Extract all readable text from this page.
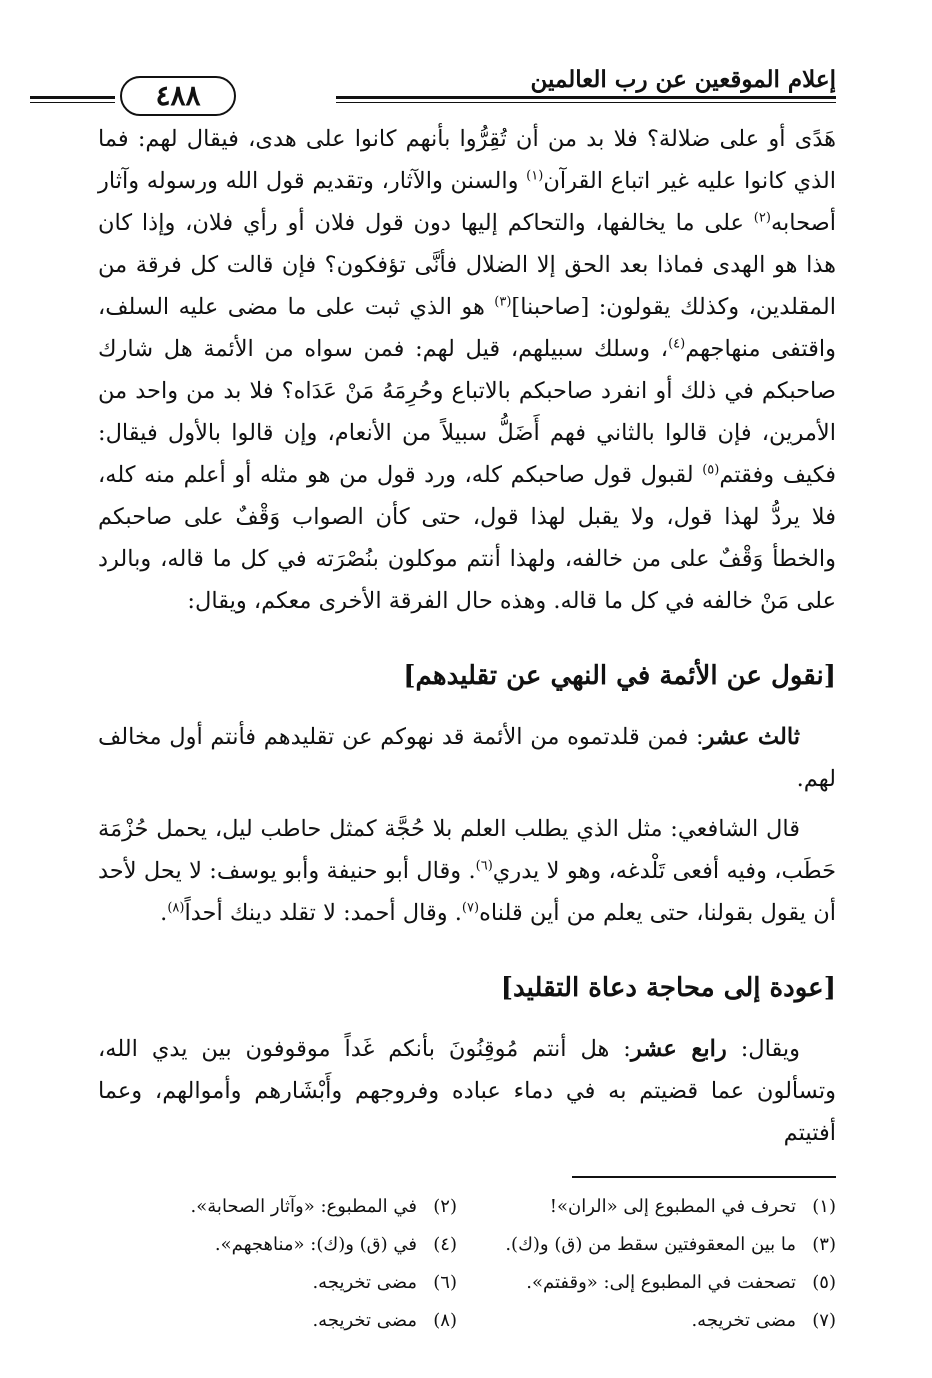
إعلام الموقعين عن رب العالمين
٤٨٨

هَدًى أو على ضلالة؟ فلا بد من أن تُقِرُّوا بأنهم كانوا على هدى، فيقال لهم: فما الذي كانوا عليه غير اتباع القرآن$^{(١)}$ والسنن والآثار، وتقديم قول الله ورسوله وآثار أصحابه$^{(٢)}$ على ما يخالفها، والتحاكم إليها دون قول فلان أو رأي فلان، وإذا كان هذا هو الهدى فماذا بعد الحق إلا الضلال فأنَّى تؤفكون؟ فإن قالت كل فرقة من المقلدين، وكذلك يقولون: [صاحبنا]$^{(٣)}$ هو الذي ثبت على ما مضى عليه السلف، واقتفى منهاجهم$^{(٤)}$، وسلك سبيلهم، قيل لهم: فمن سواه من الأئمة هل شارك صاحبكم في ذلك أو انفرد صاحبكم بالاتباع وحُرِمَهُ مَنْ عَدَاه؟ فلا بد من واحد من الأمرين، فإن قالوا بالثاني فهم أَضَلُّ سبيلاً من الأنعام، وإن قالوا بالأول فيقال: فكيف وفقتم$^{(٥)}$ لقبول قول صاحبكم كله، ورد قول من هو مثله أو أعلم منه كله، فلا يردُّ لهذا قول، ولا يقبل لهذا قول، حتى كأن الصواب وَقْفٌ على صاحبكم والخطأ وَقْفٌ على من خالفه، ولهذا أنتم موكلون بنُصْرَته في كل ما قاله، وبالرد على مَنْ خالفه في كل ما قاله. وهذه حال الفرقة الأخرى معكم، ويقال:

[نقول عن الأئمة في النهي عن تقليدهم]

ثالث عشر: فمن قلدتموه من الأئمة قد نهوكم عن تقليدهم فأنتم أول مخالف لهم.

قال الشافعي: مثل الذي يطلب العلم بلا حُجَّة كمثل حاطب ليل، يحمل حُزْمَة حَطَب، وفيه أفعى تَلْدغه، وهو لا يدري$^{(٦)}$. وقال أبو حنيفة وأبو يوسف: لا يحل لأحد أن يقول بقولنا، حتى يعلم من أين قلناه$^{(٧)}$. وقال أحمد: لا تقلد دينك أحداً$^{(٨)}$.

[عودة إلى محاجة دعاة التقليد]

ويقال: رابع عشر: هل أنتم مُوقِنُونَ بأنكم غَداً موقوفون بين يدي الله، وتسألون عما قضيتم به في دماء عباده وفروجهم وأَبْشَارهم وأموالهم، وعما أفتيتم

(١)
تحرف في المطبوع إلى «الران»!
(٢)
في المطبوع: «وآثار الصحابة».
(٣)
ما بين المعقوفتين سقط من (ق) و(ك).
(٤)
في (ق) و(ك): «مناهجهم».
(٥)
تصحفت في المطبوع إلى: «وقفتم».
(٦)
مضى تخريجه.
(٧)
مضى تخريجه.
(٨)
مضى تخريجه.
